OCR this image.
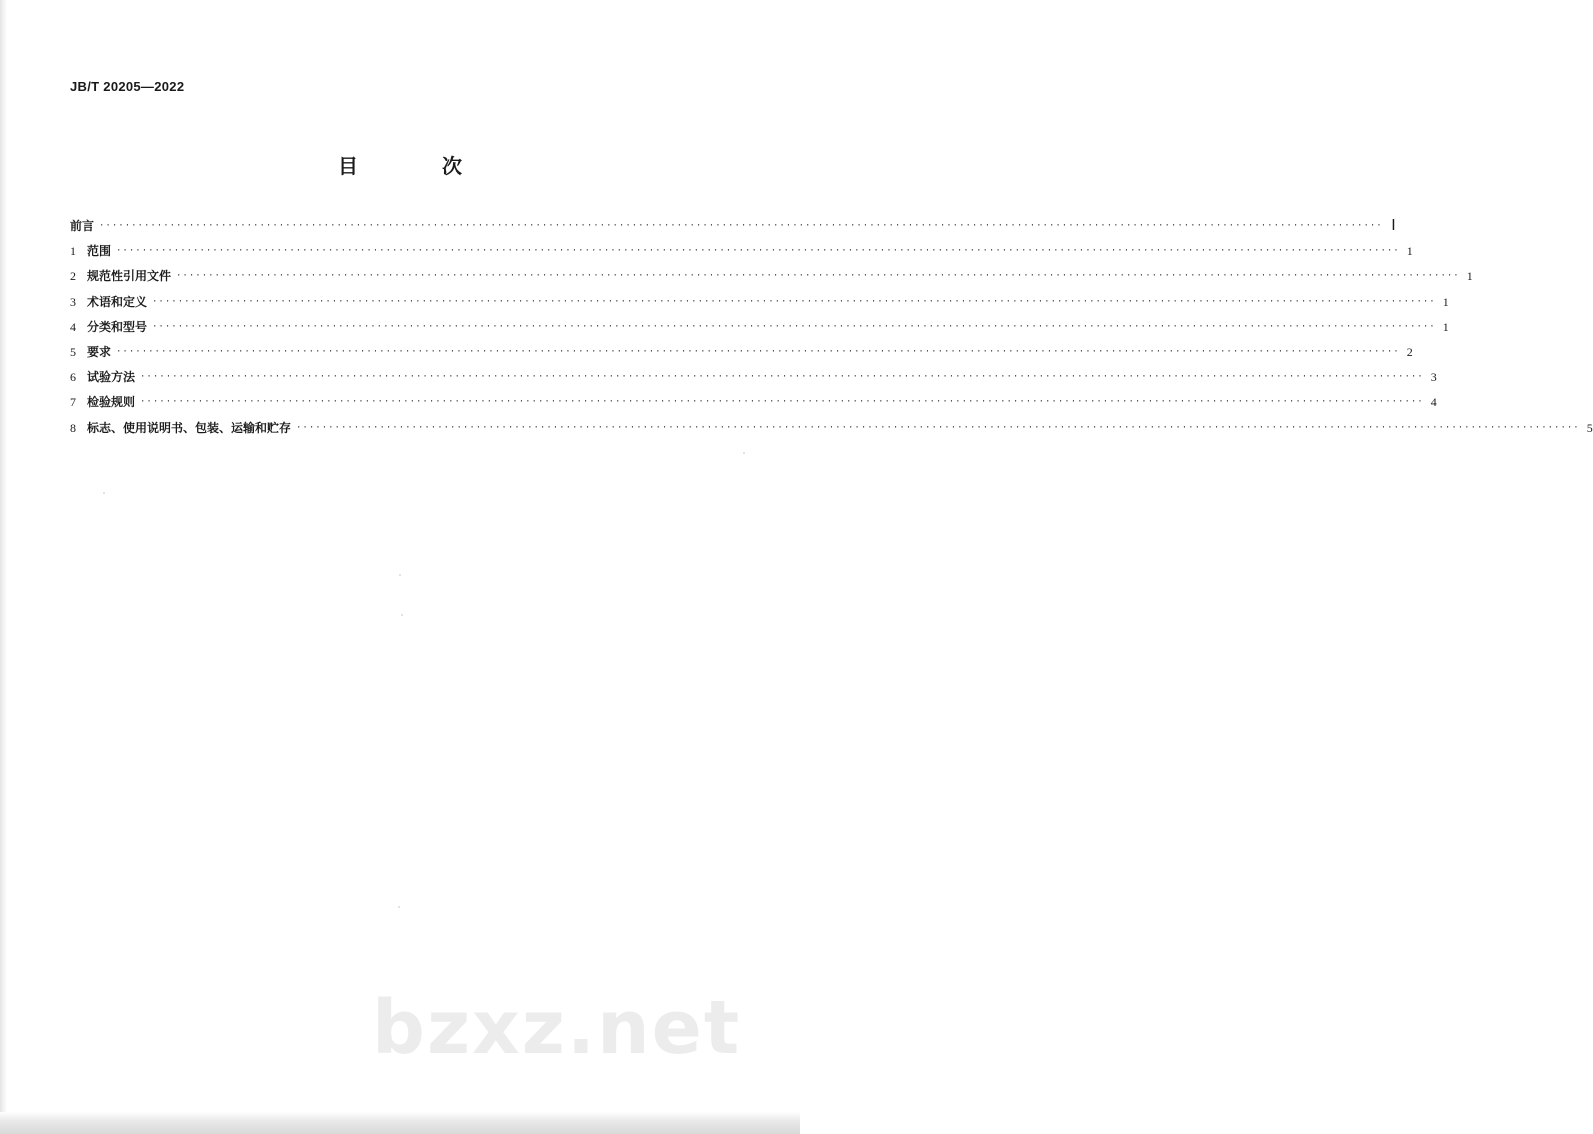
JB/T 20205—2022
目　次
前言 ········································································································································································································ Ⅰ
1 范围 ········································································································································································································ 1
2 规范性引用文件 ········································································································································································································ 1
3 术语和定义 ········································································································································································································ 1
4 分类和型号 ········································································································································································································ 1
5 要求 ········································································································································································································ 2
6 试验方法 ········································································································································································································ 3
7 检验规则 ········································································································································································································ 4
8 标志、使用说明书、包装、运输和贮存 ········································································································································································································ 5
bzxz.net
